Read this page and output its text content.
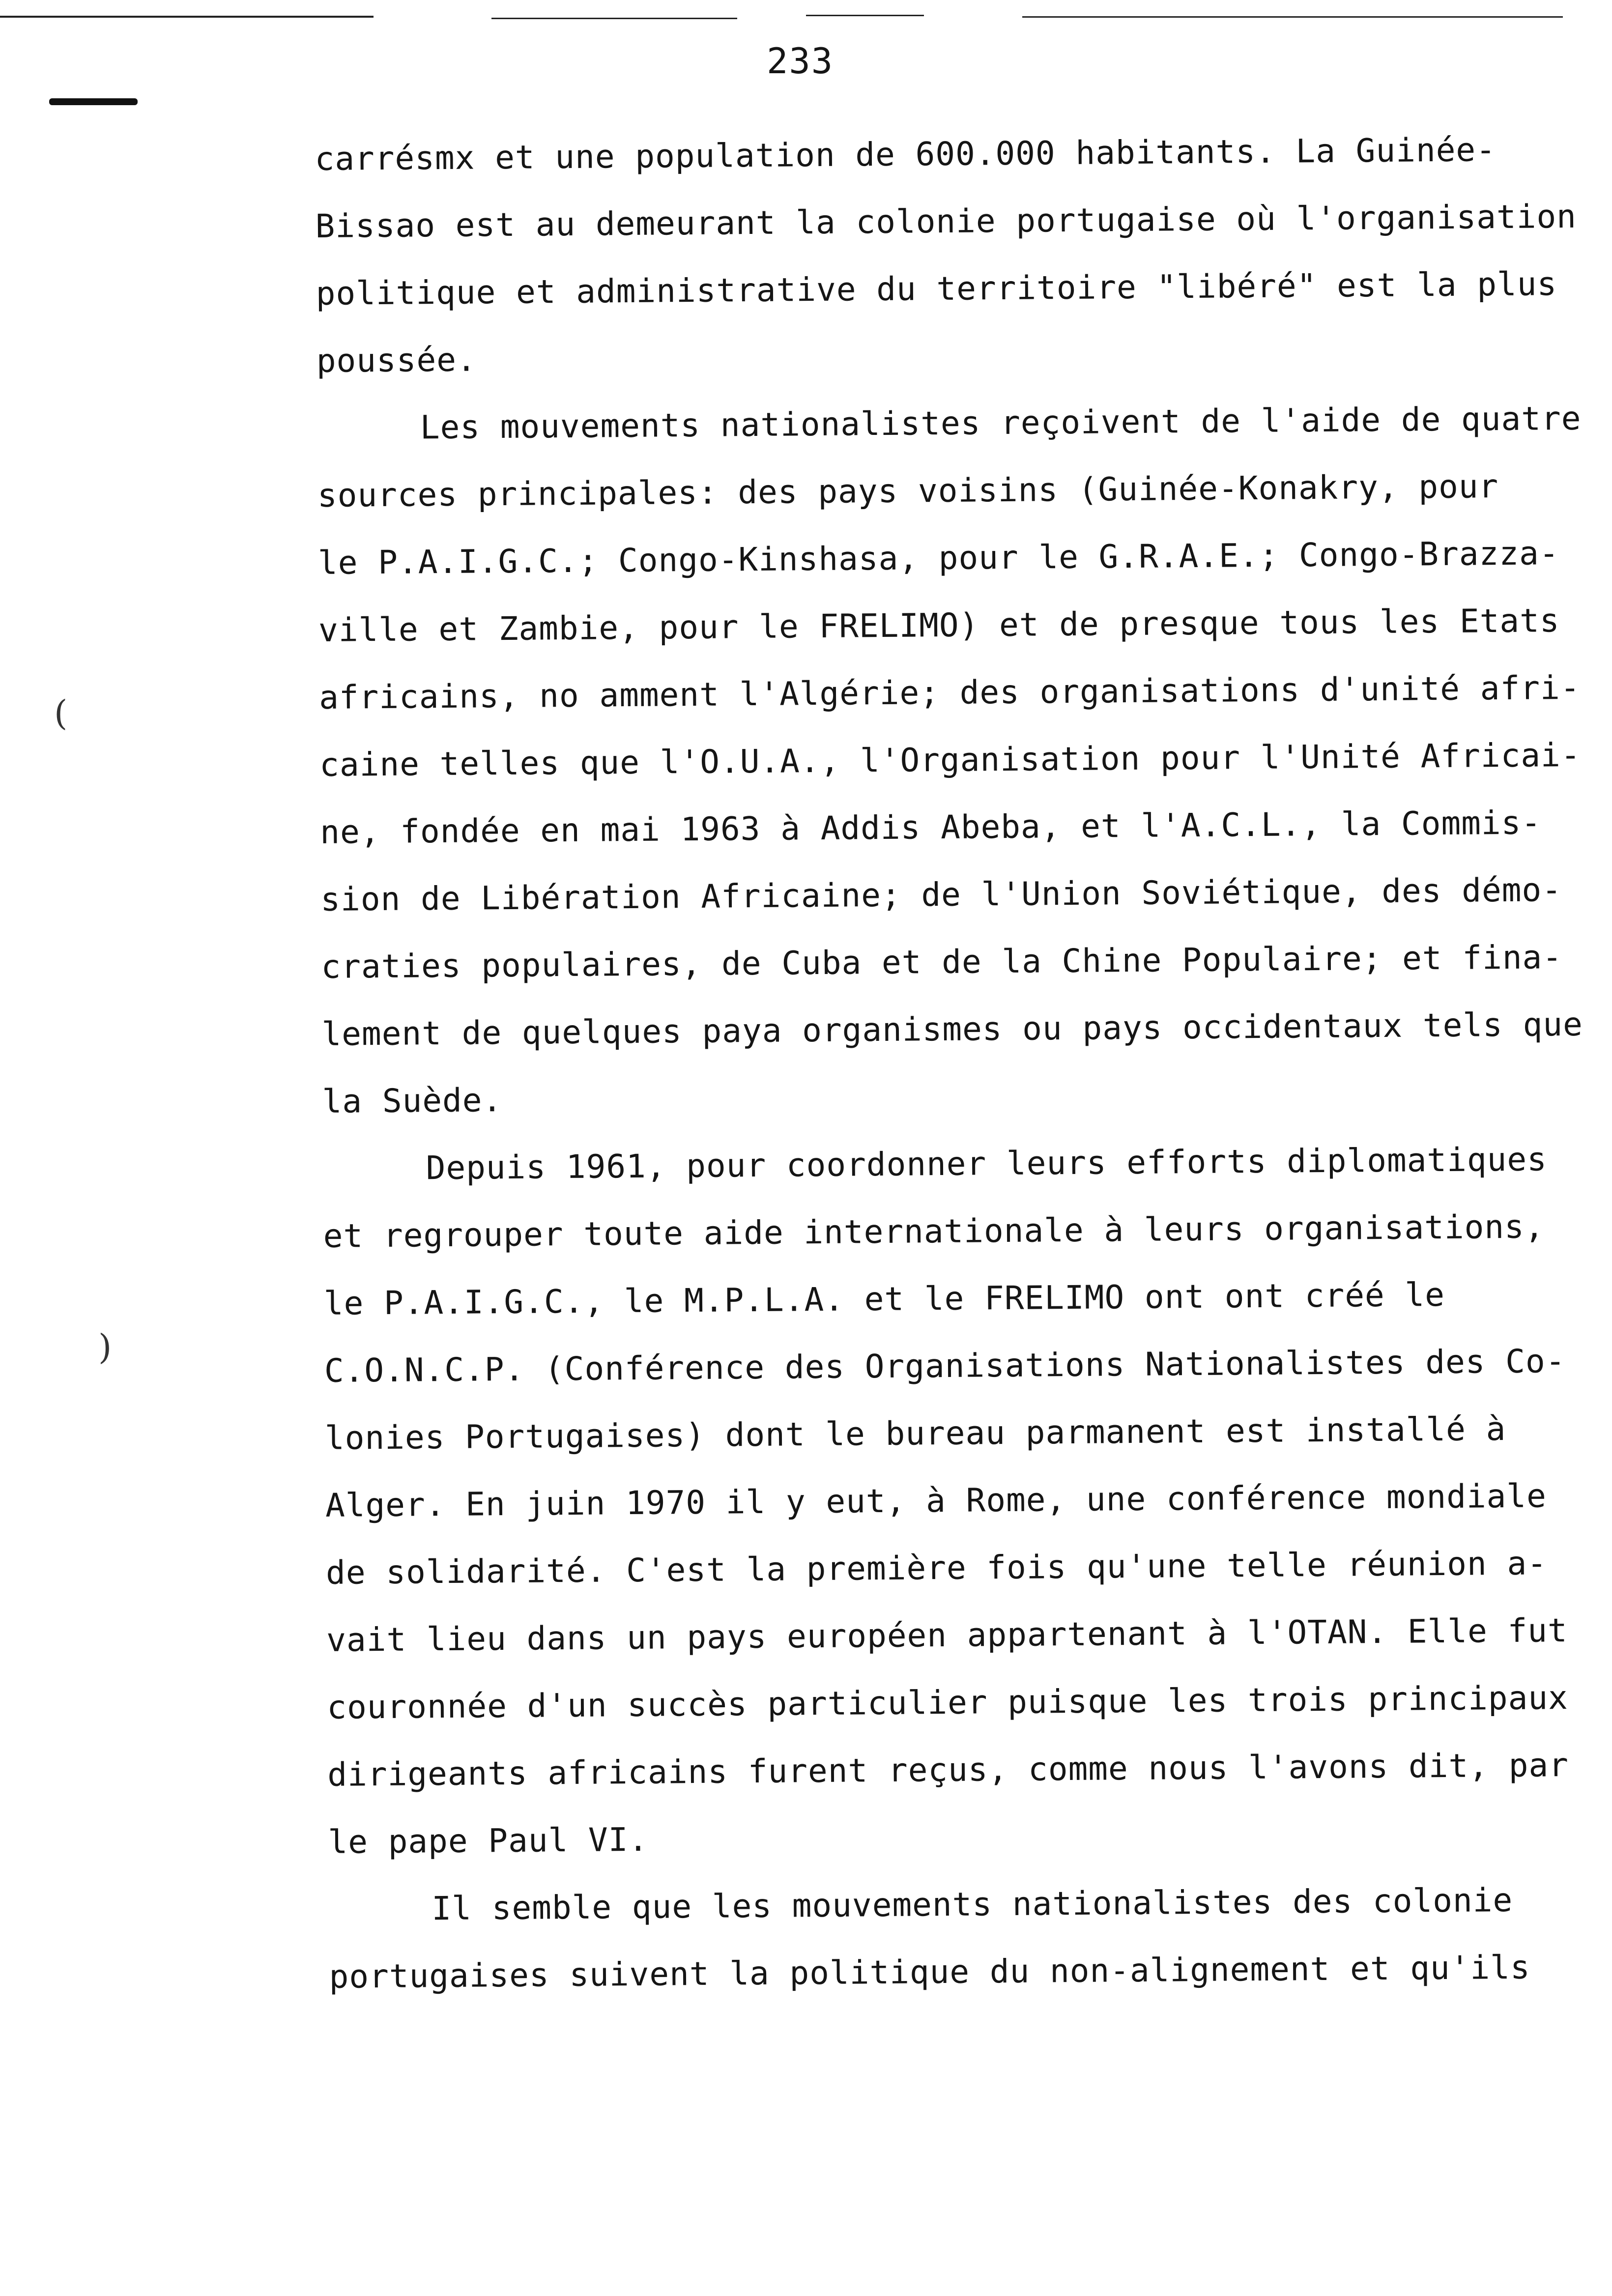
233
(
)
carrésmx et une population de 600.000 habitants. La Guinée-
Bissao est au demeurant la colonie portugaise où l'organisation
politique et administrative du territoire "libéré" est la plus
poussée.
Les mouvements nationalistes reçoivent de l'aide de quatre
sources principales: des pays voisins (Guinée-Konakry, pour
le P.A.I.G.C.; Congo-Kinshasa, pour le G.R.A.E.; Congo-Brazza-
ville et Zambie, pour le FRELIMO) et de presque tous les Etats
africains, no amment l'Algérie; des organisations d'unité afri-
caine telles que l'O.U.A., l'Organisation pour l'Unité Africai-
ne, fondée en mai 1963 à Addis Abeba, et l'A.C.L., la Commis-
sion de Libération Africaine; de l'Union Soviétique, des démo-
craties populaires, de Cuba et de la Chine Populaire; et fina-
lement de quelques paya organismes ou pays occidentaux tels que
la Suède.
Depuis 1961, pour coordonner leurs efforts diplomatiques
et regrouper toute aide internationale à leurs organisations,
le P.A.I.G.C., le M.P.L.A. et le FRELIMO ont ont créé le
C.O.N.C.P. (Conférence des Organisations Nationalistes des Co-
lonies Portugaises) dont le bureau parmanent est installé à
Alger. En juin 1970 il y eut, à Rome, une conférence mondiale
de solidarité. C'est la première fois qu'une telle réunion a-
vait lieu dans un pays européen appartenant à l'OTAN. Elle fut
couronnée d'un succès particulier puisque les trois principaux
dirigeants africains furent reçus, comme nous l'avons dit, par
le pape Paul VI.
Il semble que les mouvements nationalistes des colonie
portugaises suivent la politique du non-alignement et qu'ils
